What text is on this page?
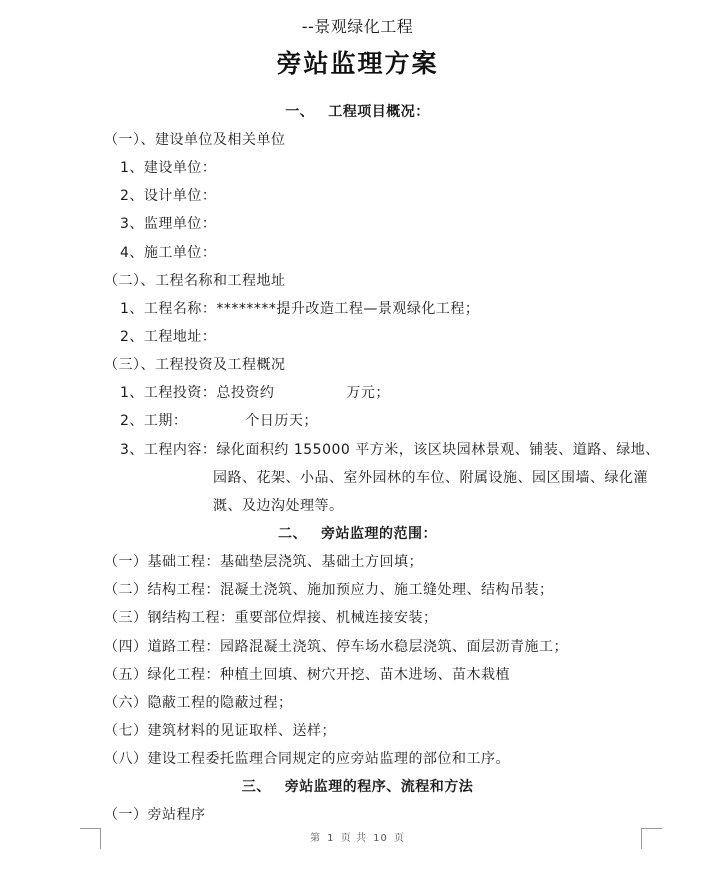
--景观绿化工程
旁站监理方案
一、 工程项目概况：
（一）、建设单位及相关单位
1、建设单位：
2、设计单位：
3、监理单位：
4、施工单位：
（二）、工程名称和工程地址
1、工程名称：********提升改造工程—景观绿化工程；
2、工程地址：
（三）、工程投资及工程概况
1、工程投资：总投资约	万元；
2、工期：	个日历天；
3、工程内容：绿化面积约 155000 平方米，该区块园林景观、铺装、道路、绿地、
园路、花架、小品、室外园林的车位、附属设施、园区围墙、绿化灌
溉、及边沟处理等。
二、 旁站监理的范围：
（一）基础工程：基础垫层浇筑、基础土方回填；
（二）结构工程：混凝土浇筑、施加预应力、施工缝处理、结构吊装；
（三）钢结构工程：重要部位焊接、机械连接安装；
（四）道路工程：园路混凝土浇筑、停车场水稳层浇筑、面层沥青施工；
（五）绿化工程：种植土回填、树穴开挖、苗木进场、苗木栽植
（六）隐蔽工程的隐蔽过程；
（七）建筑材料的见证取样、送样；
（八）建设工程委托监理合同规定的应旁站监理的部位和工序。
三、 旁站监理的程序、流程和方法
（一）旁站程序
第 1 页 共 10 页
